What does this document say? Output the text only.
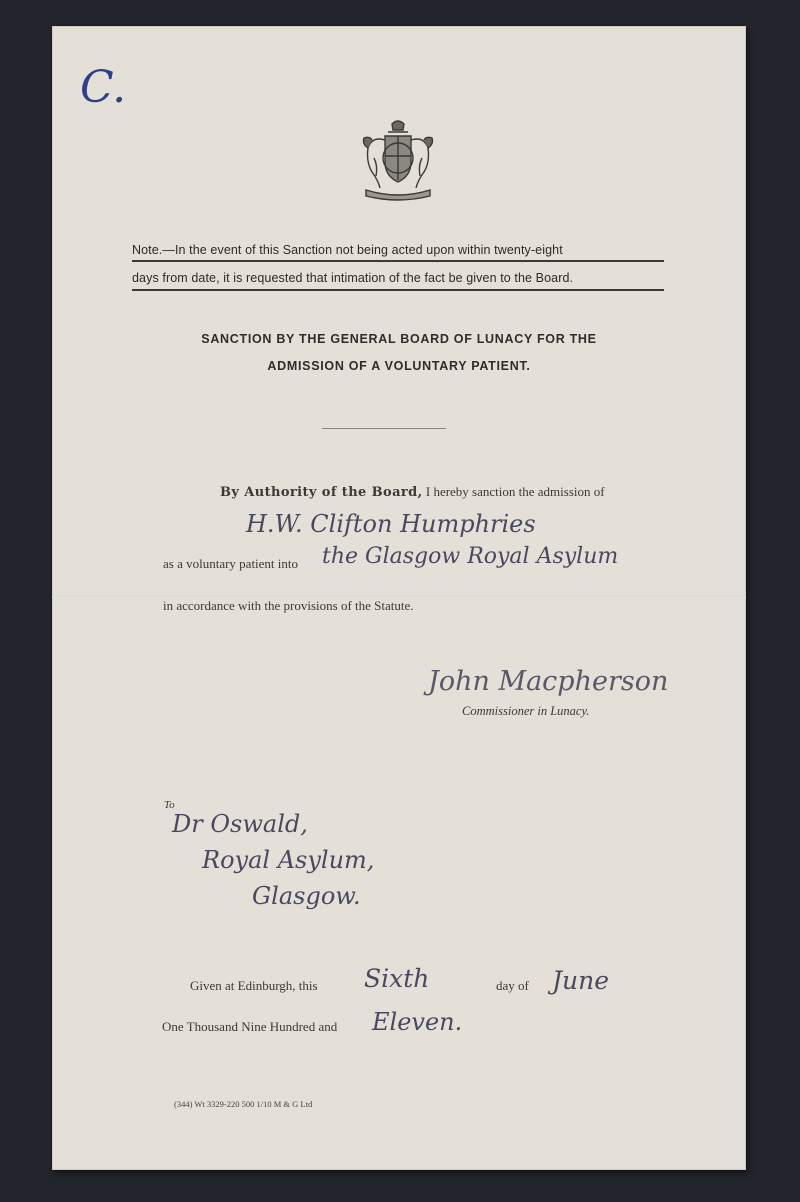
C.
Note.—In the event of this Sanction not being acted upon within twenty-eight
days from date, it is requested that intimation of the fact be given to the Board.
SANCTION BY THE GENERAL BOARD OF LUNACY FOR THE
ADMISSION OF A VOLUNTARY PATIENT.
By Authority of the Board, I hereby sanction the admission of
H.W. Clifton Humphries
as a voluntary patient into the Glasgow Royal Asylum
in accordance with the provisions of the Statute.
John Macpherson
Commissioner in Lunacy.
To
Dr Oswald,
Royal Asylum,
Glasgow.
Given at Edinburgh, this Sixth	day of June
One Thousand Nine Hundred and Eleven.
(344) Wt 3329-220 500 1/10 M & G Ltd
